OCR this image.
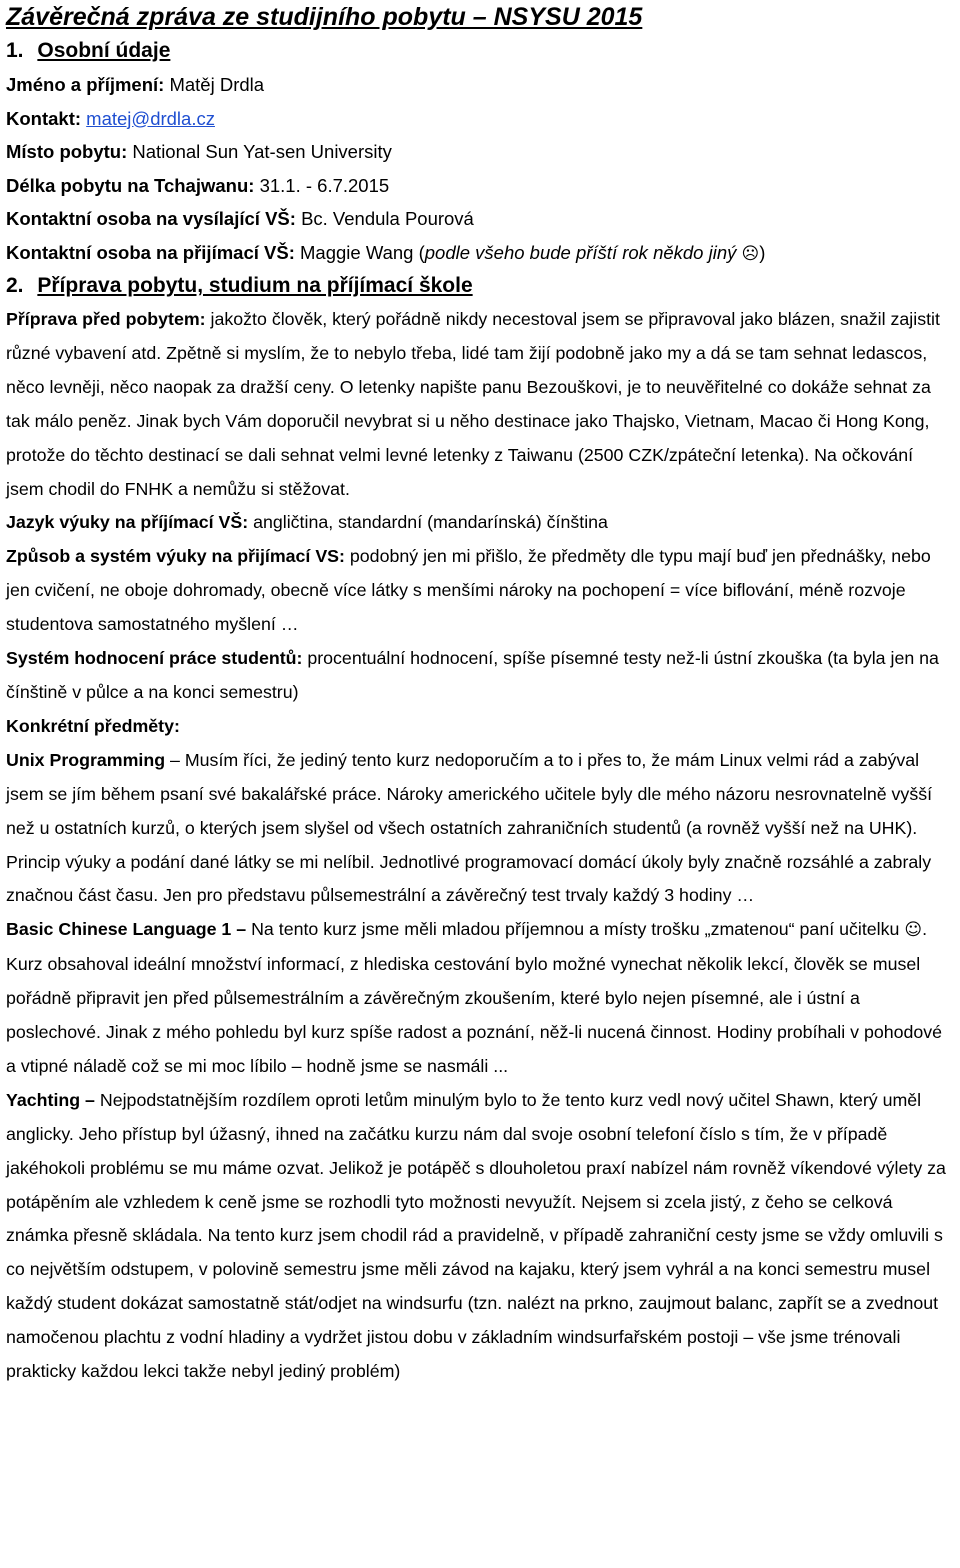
Závěrečná zpráva ze studijního pobytu – NSYSU 2015
1. Osobní údaje
Jméno a příjmení: Matěj Drdla
Kontakt: matej@drdla.cz
Místo pobytu: National Sun Yat-sen University
Délka pobytu na Tchajwanu: 31.1. - 6.7.2015
Kontaktní osoba na vysílající VŠ: Bc. Vendula Pourová
Kontaktní osoba na přijímací VŠ: Maggie Wang (podle všeho bude příští rok někdo jiný ☹)
2. Příprava pobytu, studium na příjímací škole

Příprava před pobytem: jakožto člověk, který pořádně nikdy necestoval jsem se připravoval jako blázen, snažil zajistit různé vybavení atd. Zpětně si myslím, že to nebylo třeba, lidé tam žijí podobně jako my a dá se tam sehnat ledascos, něco levněji, něco naopak za dražší ceny. O letenky napište panu Bezouškovi, je to neuvěřitelné co dokáže sehnat za tak málo peněz. Jinak bych Vám doporučil nevybrat si u něho destinace jako Thajsko, Vietnam, Macao či Hong Kong, protože do těchto destinací se dali sehnat velmi levné letenky z Taiwanu (2500 CZK/zpáteční letenka). Na očkování jsem chodil do FNHK a nemůžu si stěžovat.

Jazyk výuky na příjímací VŠ: angličtina, standardní (mandarínská) čínština

Způsob a systém výuky na přijímací VS: podobný jen mi přišlo, že předměty dle typu mají buď jen přednášky, nebo jen cvičení, ne oboje dohromady, obecně více látky s menšími nároky na pochopení = více biflování, méně rozvoje studentova samostatného myšlení …

Systém hodnocení práce studentů: procentuální hodnocení, spíše písemné testy než-li ústní zkouška (ta byla jen na čínštině v půlce a na konci semestru)

Konkrétní předměty:

Unix Programming – Musím říci, že jediný tento kurz nedoporučím a to i přes to, že mám Linux velmi rád a zabýval jsem se jím během psaní své bakalářské práce. Nároky amerického učitele byly dle mého názoru nesrovnatelně vyšší než u ostatních kurzů, o kterých jsem slyšel od všech ostatních zahraničních studentů (a rovněž vyšší než na UHK). Princip výuky a podání dané látky se mi nelíbil. Jednotlivé programovací domácí úkoly byly značně rozsáhlé a zabraly značnou část času. Jen pro představu půlsemestrální a závěrečný test trvaly každý 3 hodiny …

Basic Chinese Language 1 – Na tento kurz jsme měli mladou příjemnou a místy trošku „zmatenou“ paní učitelku ☺. Kurz obsahoval ideální množství informací, z hlediska cestování bylo možné vynechat několik lekcí, člověk se musel pořádně připravit jen před půlsemestrálním a závěrečným zkoušením, které bylo nejen písemné, ale i ústní a poslechové. Jinak z mého pohledu byl kurz spíše radost a poznání, něž-li nucená činnost. Hodiny probíhali v pohodové a vtipné náladě což se mi moc líbilo – hodně jsme se nasmáli ...

Yachting – Nejpodstatnějším rozdílem oproti letům minulým bylo to že tento kurz vedl nový učitel Shawn, který uměl anglicky. Jeho přístup byl úžasný, ihned na začátku kurzu nám dal svoje osobní telefoní číslo s tím, že v případě jakéhokoli problému se mu máme ozvat. Jelikož je potápěč s dlouholetou praxí nabízel nám rovněž víkendové výlety za potápěním ale vzhledem k ceně jsme se rozhodli tyto možnosti nevyužít. Nejsem si zcela jistý, z čeho se celková známka přesně skládala. Na tento kurz jsem chodil rád a pravidelně, v případě zahraniční cesty jsme se vždy omluvili s co největším odstupem, v polovině semestru jsme měli závod na kajaku, který jsem vyhrál a na konci semestru musel každý student dokázat samostatně stát/odjet na windsurfu (tzn. nalézt na prkno, zaujmout balanc, zapřít se a zvednout namočenou plachtu z vodní hladiny a vydržet jistou dobu v základním windsurfařském postoji – vše jsme trénovali prakticky každou lekci takže nebyl jediný problém)
